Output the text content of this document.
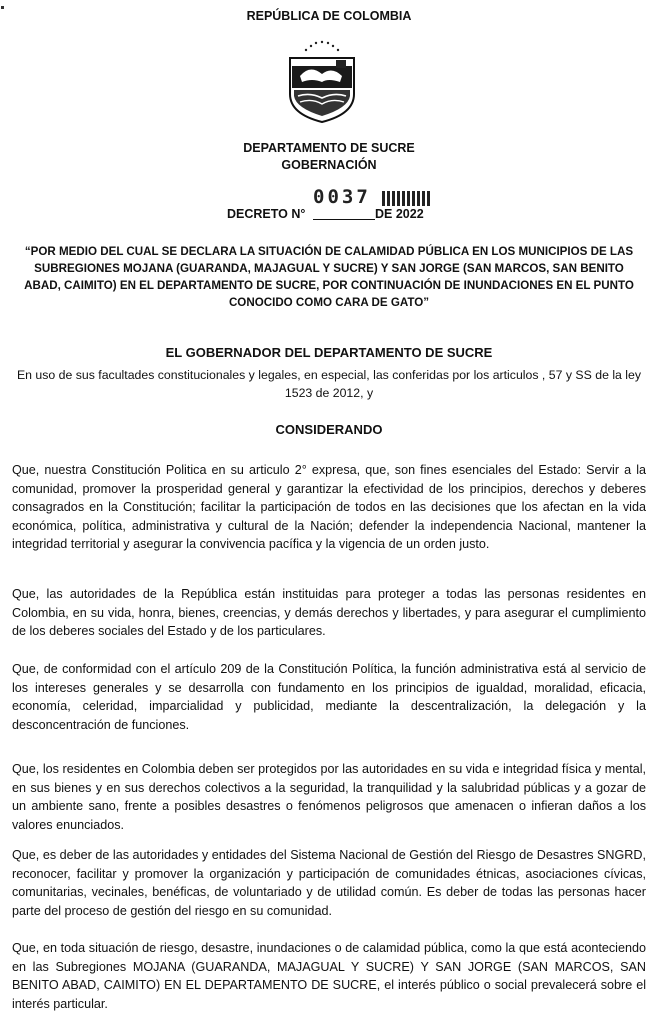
REPÚBLICA DE COLOMBIA
DEPARTAMENTO DE SUCRE
GOBERNACIÓN
DECRETO N°
0037
DE 2022
“POR MEDIO DEL CUAL SE DECLARA LA SITUACIÓN DE CALAMIDAD PÚBLICA EN LOS MUNICIPIOS DE LAS SUBREGIONES MOJANA (GUARANDA, MAJAGUAL Y SUCRE) Y SAN JORGE (SAN MARCOS, SAN BENITO ABAD, CAIMITO) EN EL DEPARTAMENTO DE SUCRE, POR CONTINUACIÓN DE INUNDACIONES EN EL PUNTO CONOCIDO COMO CARA DE GATO”
EL GOBERNADOR DEL DEPARTAMENTO DE SUCRE
En uso de sus facultades constitucionales y legales, en especial, las conferidas por los articulos , 57 y SS de la ley 1523 de 2012, y
CONSIDERANDO
Que, nuestra Constitución Politica en su articulo 2° expresa, que, son fines esenciales del Estado: Servir a la comunidad, promover la prosperidad general y garantizar la efectividad de los principios, derechos y deberes consagrados en la Constitución; facilitar la participación de todos en las decisiones que los afectan en la vida económica, política, administrativa y cultural de la Nación; defender la independencia Nacional, mantener la integridad territorial y asegurar la convivencia pacífica y la vigencia de un orden justo.
Que, las autoridades de la República están instituidas para proteger a todas las personas residentes en Colombia, en su vida, honra, bienes, creencias, y demás derechos y libertades, y para asegurar el cumplimiento de los deberes sociales del Estado y de los particulares.
Que, de conformidad con el artículo 209 de la Constitución Política, la función administrativa está al servicio de los intereses generales y se desarrolla con fundamento en los principios de igualdad, moralidad, eficacia, economía, celeridad, imparcialidad y publicidad, mediante la descentralización, la delegación y la desconcentración de funciones.
Que, los residentes en Colombia deben ser protegidos por las autoridades en su vida e integridad física y mental, en sus bienes y en sus derechos colectivos a la seguridad, la tranquilidad y la salubridad públicas y a gozar de un ambiente sano, frente a posibles desastres o fenómenos peligrosos que amenacen o infieran daños a los valores enunciados.
Que, es deber de las autoridades y entidades del Sistema Nacional de Gestión del Riesgo de Desastres SNGRD, reconocer, facilitar y promover la organización y participación de comunidades étnicas, asociaciones cívicas, comunitarias, vecinales, benéficas, de voluntariado y de utilidad común. Es deber de todas las personas hacer parte del proceso de gestión del riesgo en su comunidad.
Que, en toda situación de riesgo, desastre, inundaciones o de calamidad pública, como la que está aconteciendo en las Subregiones MOJANA (GUARANDA, MAJAGUAL Y SUCRE) Y SAN JORGE (SAN MARCOS, SAN BENITO ABAD, CAIMITO) EN EL DEPARTAMENTO DE SUCRE, el interés público o social prevalecerá sobre el interés particular.
